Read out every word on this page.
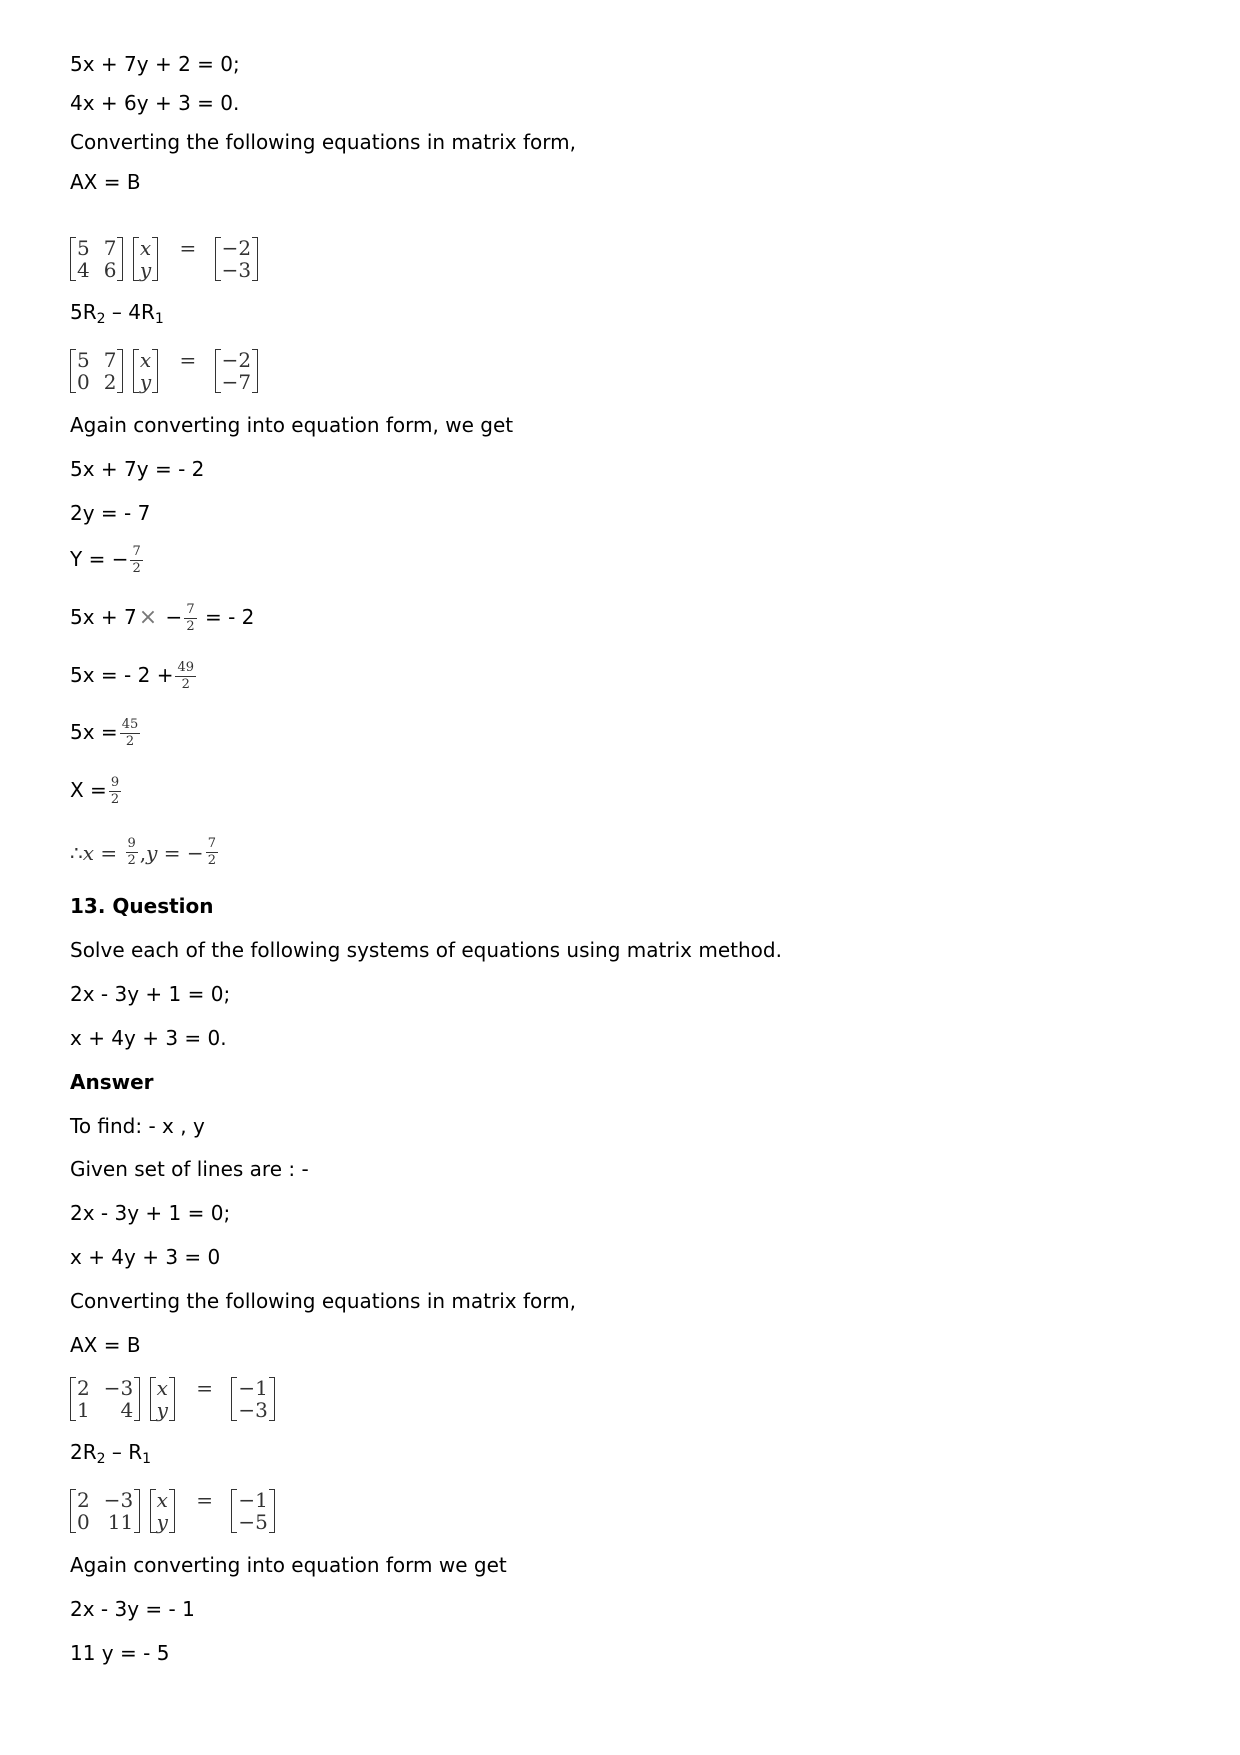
5x + 7y + 2 = 0;
4x + 6y + 3 = 0.
Converting the following equations in matrix form,
AX = B
5 7
4 6

x
y
= −2
−3
$5R_2 - 4R_1$
5 7
0 2

x
y
= −2
−7
Again converting into equation form, we get
5x + 7y = - 2
2y = - 7
Y = − $\frac{7}{2}$
$5x + 7\times - \frac{7}{2}$ = - 2
5x = - $2 + \frac{49}{2}$
$5x = \frac{45}{2}$
$X = \frac{9}{2}$
∴ $x = \frac{9}{2}$ , y = − $\frac{7}{2}$
13. Question
Solve each of the following systems of equations using matrix method.
2x - 3y + 1 = 0;
x + 4y + 3 = 0.
Answer
To find: - x , y
Given set of lines are : -
2x - 3y + 1 = 0;
x + 4y + 3 = 0
Converting the following equations in matrix form,
AX = B
2 −3
1	4

x
y
= −1
−3
$2R_2 - R_1$
2 −3
0 11

x
y
= −1
−5
Again converting into equation form we get
2x - 3y = - 1
11 y = - 5
